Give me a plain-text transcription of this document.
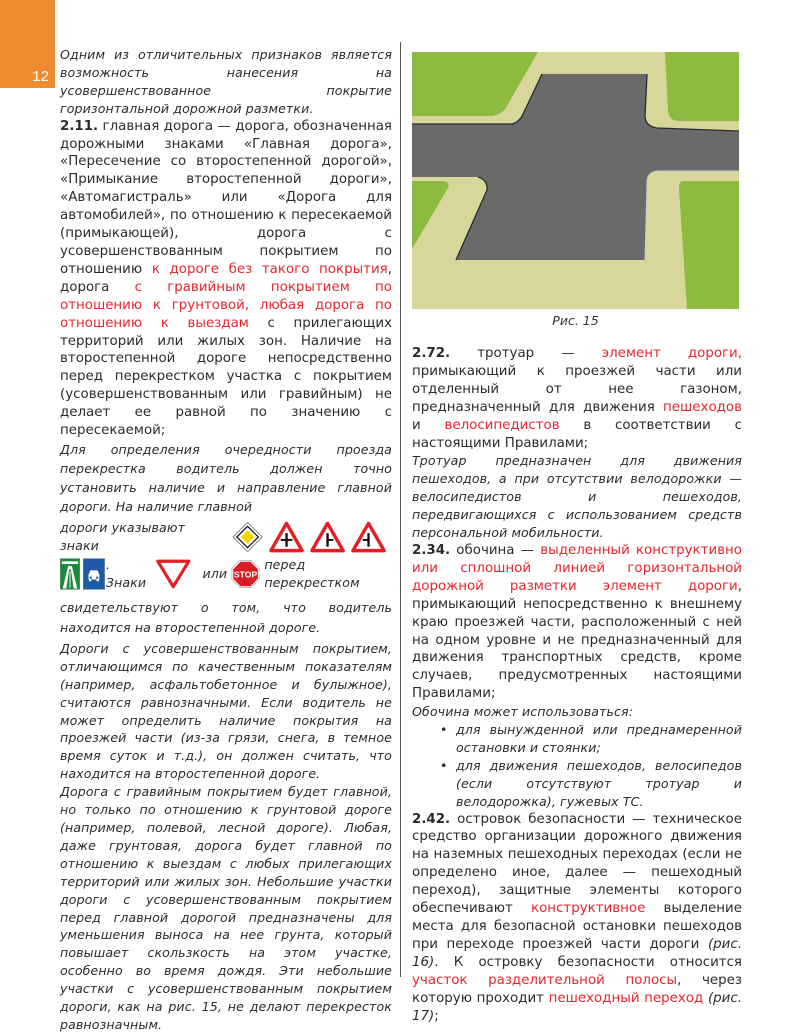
12

Одним из отличительных признаков является возможность нанесения на усовершенствованное покрытие горизонтальной дорожной разметки.

2.11. главная дорога — дорога, обозначенная дорожными знаками «Главная дорога», «Пересечение со второстепенной дорогой», «Примыкание второстепенной дороги», «Автомагистраль» или «Дорога для автомобилей», по отношению к пересекаемой (примыкающей), дорога с усовершенствованным покрытием по отношению к дороге без такого покрытия, дорога с гравийным покрытием по отношению к грунтовой, любая дорога по отношению к выездам с прилегающих территорий или жилых зон. Наличие на второстепенной дороге непосредственно перед перекрестком участка с покрытием (усовершенствованным или гравийным) не делает ее равной по значению с пересекаемой;

Для определения очередности проезда перекрестка водитель должен точно установить наличие и направление главной дороги. На наличие главной

дороги указывают знаки
. Знаки
или STOP
перед перекрестком

свидетельствуют о том, что водитель находится на второстепенной дороге.

Дороги с усовершенствованным покрытием, отличающимся по качественным показателям (например, асфальтобетонное и булыжное), считаются равнозначными. Если водитель не может определить наличие покрытия на проезжей части (из-за грязи, снега, в темное время суток и т.д.), он должен считать, что находится на второстепенной дороге.

Дорога с гравийным покрытием будет главной, но только по отношению к грунтовой дороге (например, полевой, лесной дороге). Любая, даже грунтовая, дорога будет главной по отношению к выездам с любых прилегающих территорий или жилых зон. Небольшие участки дороги с усовершенствованным покрытием перед главной дорогой предназначены для уменьшения выноса на нее грунта, который повышает скользкость на этом участке, особенно во время дождя. Эти небольшие участки с усовершенствованным покрытием дороги, как на рис. 15, не делают перекресток равнозначным.

Рис. 15

2.72. тротуар — элемент дороги, примыкающий к проезжей части или отделенный от нее газоном, предназначенный для движения пешеходов и велосипедистов в соответствии с настоящими Правилами;

Тротуар предназначен для движения пешеходов, а при отсутствии велодорожки — велосипедистов и пешеходов, передвигающихся с использованием средств персональной мобильности.

2.34. обочина — выделенный конструктивно или сплошной линией горизонтальной дорожной разметки элемент дороги, примыкающий непосредственно к внешнему краю проезжей части, расположенный с ней на одном уровне и не предназначенный для движения транспортных средств, кроме случаев, предусмотренных настоящими Правилами;

Обочина может использоваться:

• для вынужденной или преднамеренной остановки и стоянки;
• для движения пешеходов, велосипедов (если отсутствуют тротуар и велодорожка), гужевых ТС.

2.42. островок безопасности — техническое средство организации дорожного движения на наземных пешеходных переходах (если не определено иное, далее — пешеходный переход), защитные элементы которого обеспечивают конструктивное выделение места для безопасной остановки пешеходов при переходе проезжей части дороги (рис. 16). К островку безопасности относится участок разделительной полосы, через которую проходит пешеходный переход (рис. 17);
